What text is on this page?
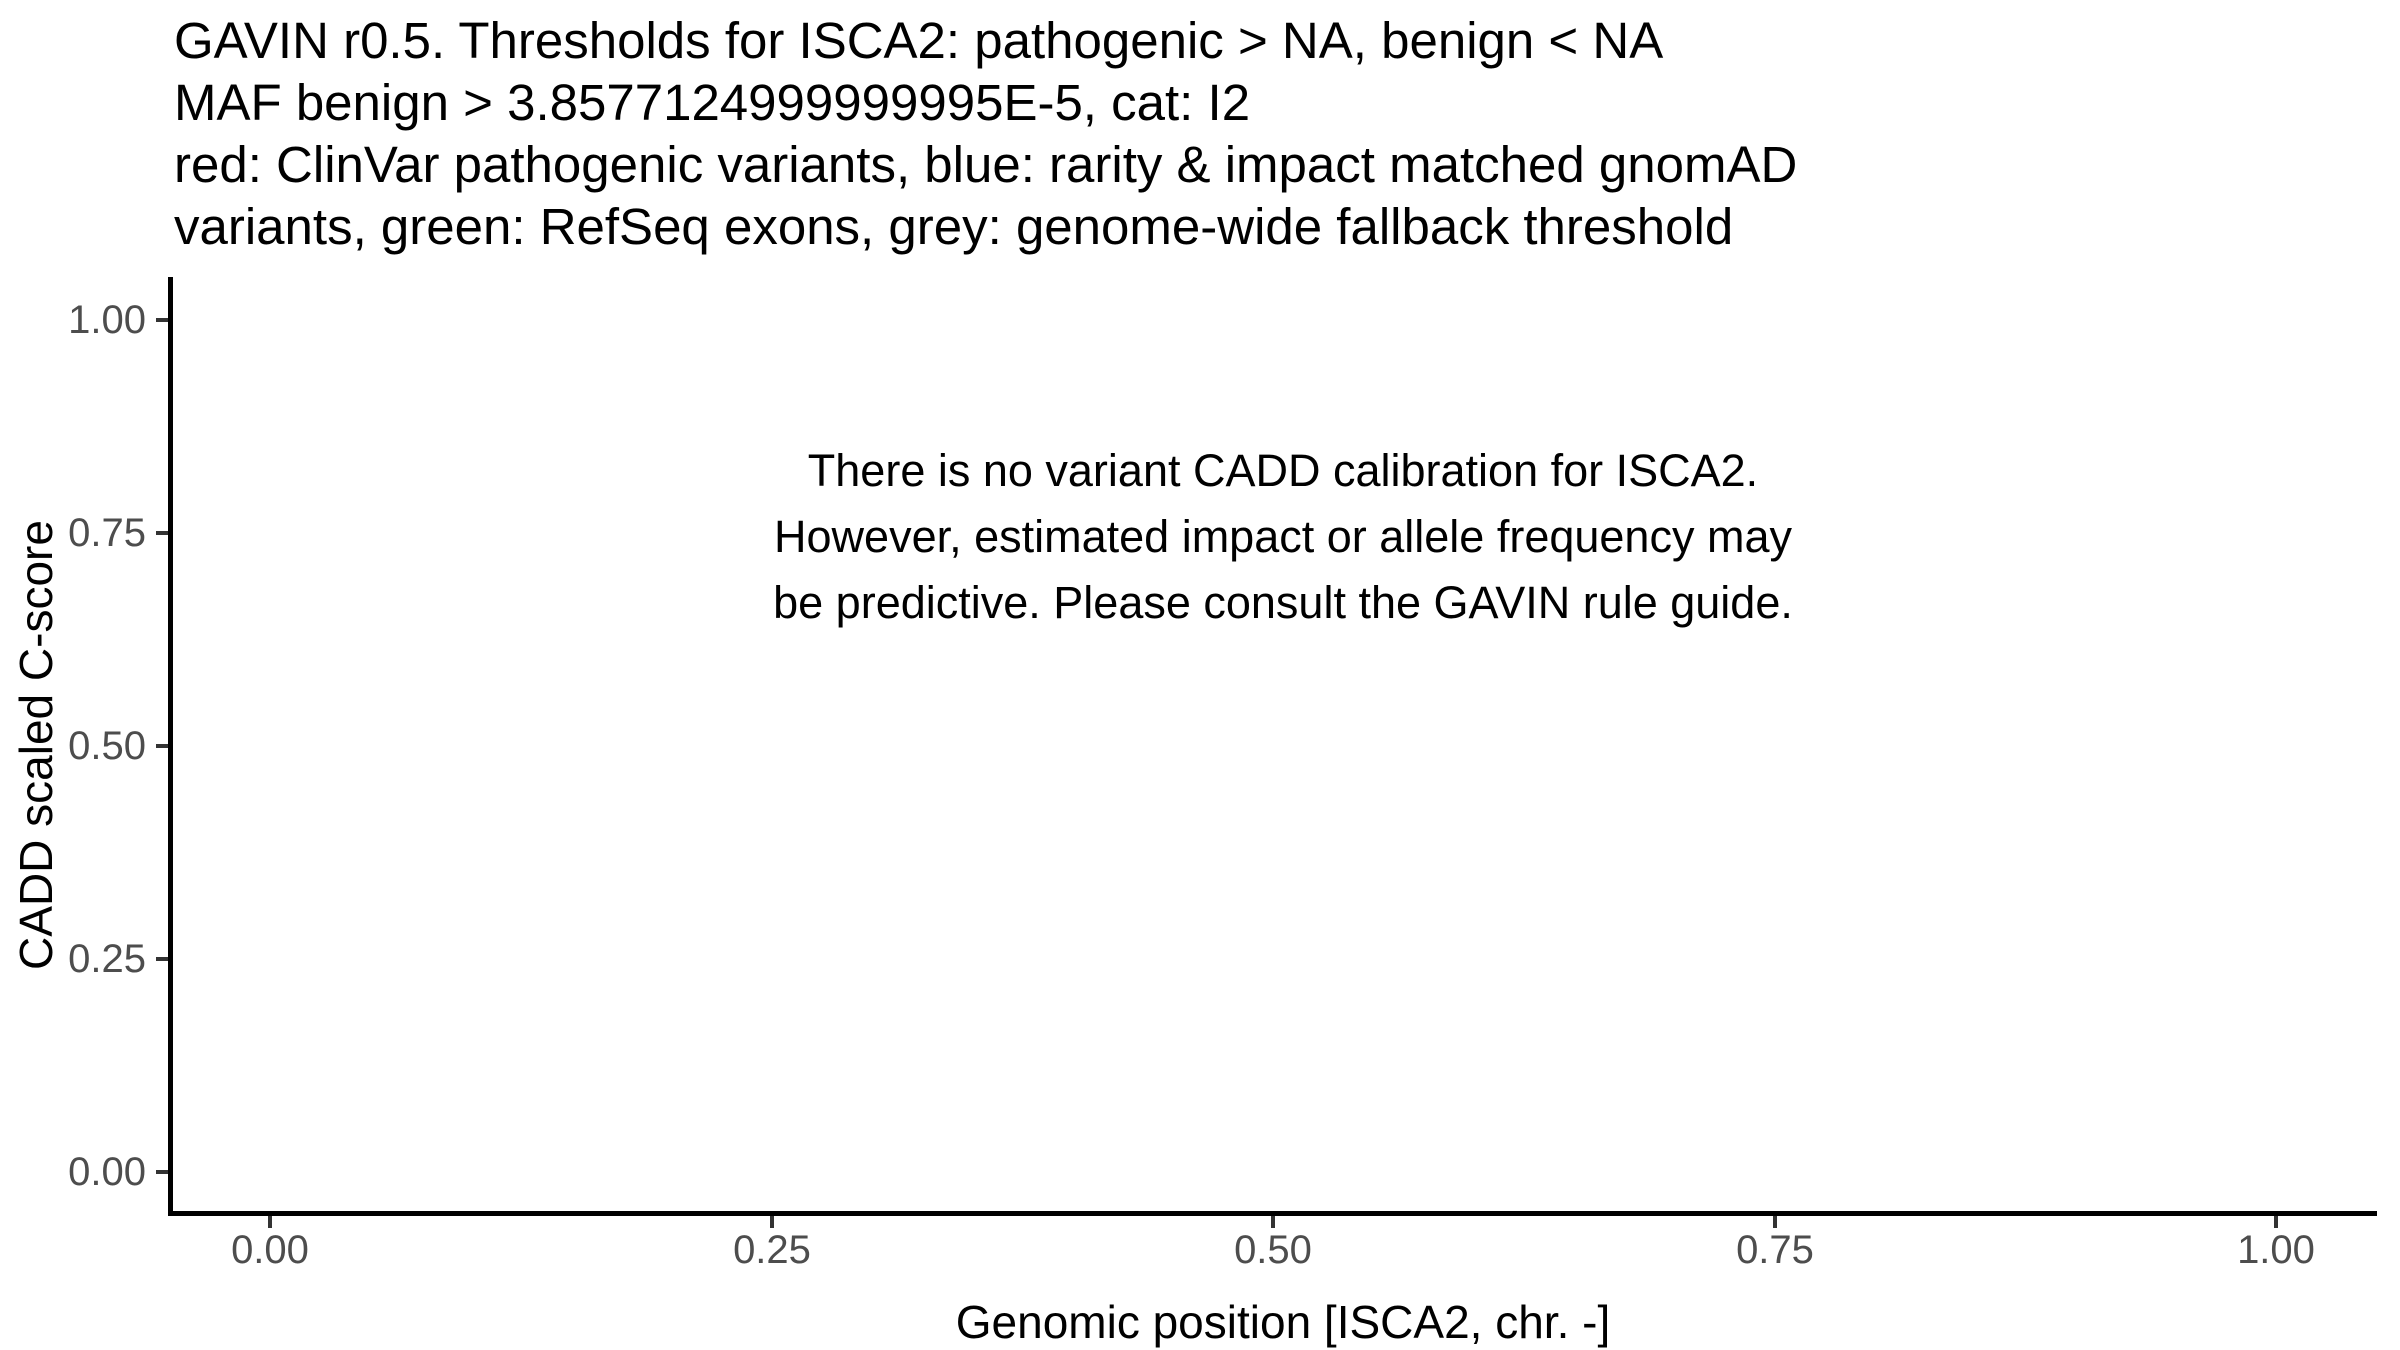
GAVIN r0.5. Thresholds for ISCA2: pathogenic > NA, benign < NA
MAF benign > 3.8577124999999995E-5, cat: I2
red: ClinVar pathogenic variants, blue: rarity & impact matched gnomAD
variants, green: RefSeq exons, grey: genome-wide fallback threshold
1.00
0.75
0.50
0.25
0.00
0.00	0.25	0.50	0.75	1.00
Genomic position [ISCA2, chr. -]
CADD scaled C-score
There is no variant CADD calibration for ISCA2.
However, estimated impact or allele frequency may
be predictive. Please consult the GAVIN rule guide.
